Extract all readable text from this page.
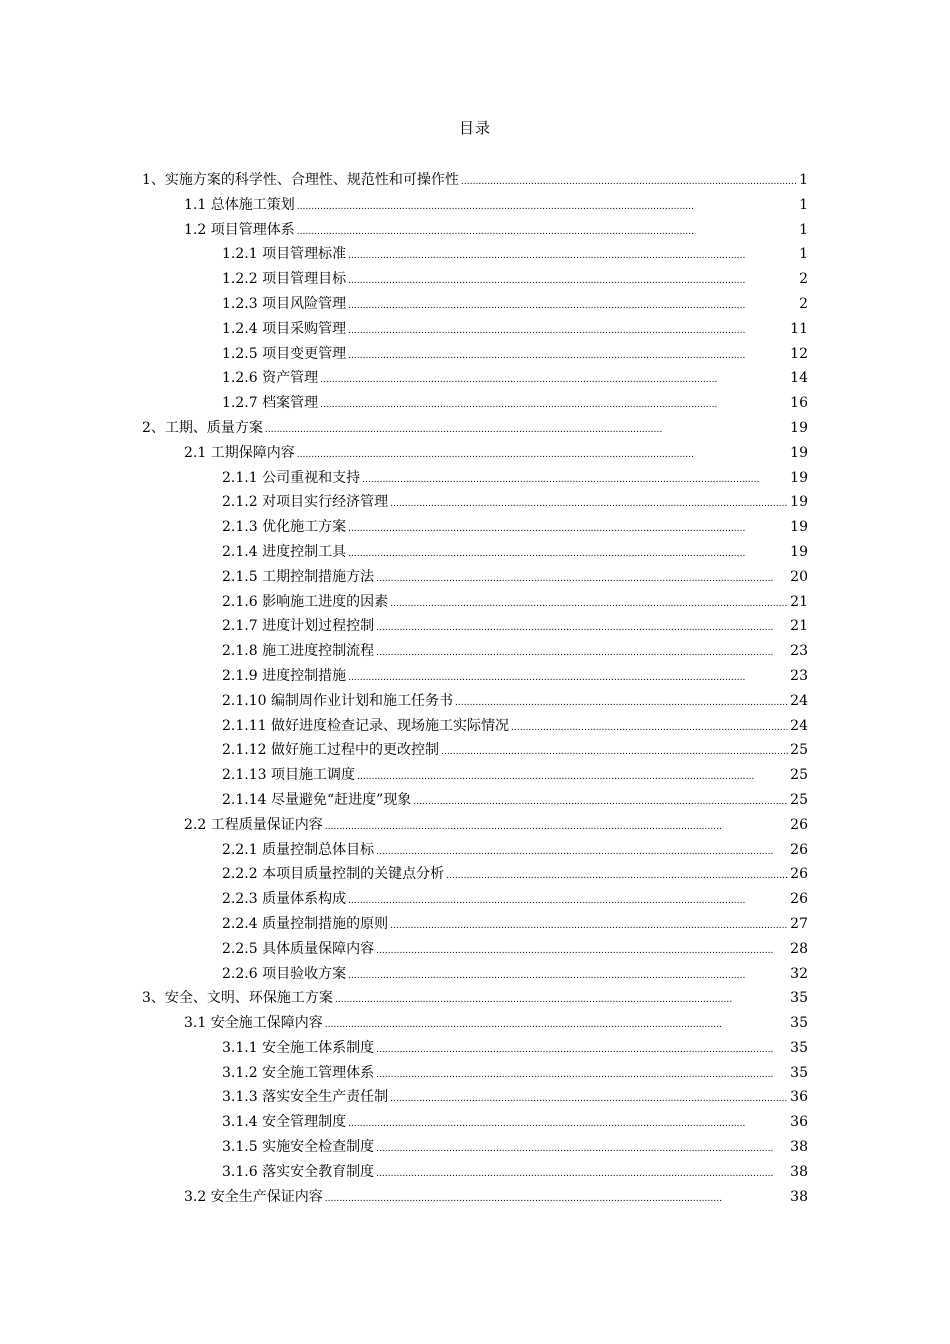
目录
1、实施方案的科学性、合理性、规范性和可操作性 . . .	1
1.1 总体施工策划 . . .	1
1.2 项目管理体系 . . .	1
1.2.1 项目管理标准 . . .	1
1.2.2 项目管理目标 . . .	2
1.2.3 项目风险管理 . . .	2
1.2.4 项目采购管理 . . .	11
1.2.5 项目变更管理 . . .	12
1.2.6 资产管理 . . .	14
1.2.7 档案管理 . . .	16
2、工期、质量方案 . . .	19
2.1 工期保障内容 . . .	19
2.1.1 公司重视和支持 . . .	19
2.1.2 对项目实行经济管理 . . .	19
2.1.3 优化施工方案 . . .	19
2.1.4 进度控制工具 . . .	19
2.1.5 工期控制措施方法 . . .	20
2.1.6 影响施工进度的因素 . . .	21
2.1.7 进度计划过程控制 . . .	21
2.1.8 施工进度控制流程 . . .	23
2.1.9 进度控制措施 . . .	23
2.1.10 编制周作业计划和施工任务书 . . .	24
2.1.11 做好进度检查记录、现场施工实际情况 . . .	24
2.1.12 做好施工过程中的更改控制 . . .	25
2.1.13 项目施工调度 . . .	25
2.1.14 尽量避免“赶进度”现象 . . .	25
2.2 工程质量保证内容 . . .	26
2.2.1 质量控制总体目标 . . .	26
2.2.2 本项目质量控制的关键点分析 . . .	26
2.2.3 质量体系构成 . . .	26
2.2.4 质量控制措施的原则 . . .	27
2.2.5 具体质量保障内容 . . .	28
2.2.6 项目验收方案 . . .	32
3、安全、文明、环保施工方案 . . .	35
3.1 安全施工保障内容 . . .	35
3.1.1 安全施工体系制度 . . .	35
3.1.2 安全施工管理体系 . . .	35
3.1.3 落实安全生产责任制 . . .	36
3.1.4 安全管理制度 . . .	36
3.1.5 实施安全检查制度 . . .	38
3.1.6 落实安全教育制度 . . .	38
3.2 安全生产保证内容 . . .	38
